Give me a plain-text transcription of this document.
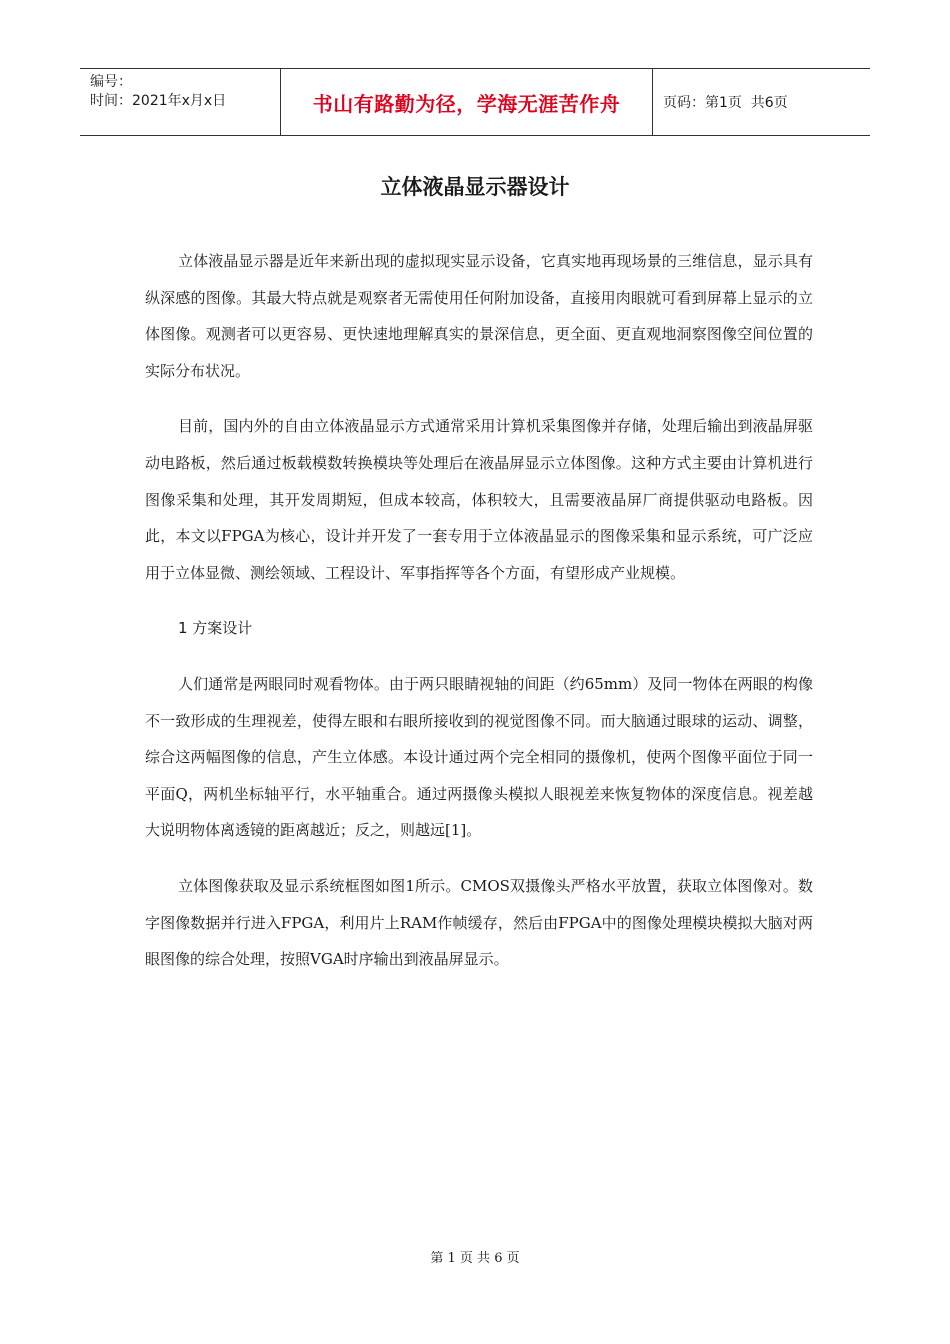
编号：
时间：2021年x月x日	书山有路勤为径，学海无涯苦作舟	页码：第1页  共6页
立体液晶显示器设计

立体液晶显示器是近年来新出现的虚拟现实显示设备，它真实地再现场景的三维信息，显示具有纵深感的图像。其最大特点就是观察者无需使用任何附加设备，直接用肉眼就可看到屏幕上显示的立体图像。观测者可以更容易、更快速地理解真实的景深信息，更全面、更直观地洞察图像空间位置的实际分布状况。

目前，国内外的自由立体液晶显示方式通常采用计算机采集图像并存储，处理后输出到液晶屏驱动电路板，然后通过板载模数转换模块等处理后在液晶屏显示立体图像。这种方式主要由计算机进行图像采集和处理，其开发周期短，但成本较高，体积较大，且需要液晶屏厂商提供驱动电路板。因此，本文以FPGA为核心，设计并开发了一套专用于立体液晶显示的图像采集和显示系统，可广泛应用于立体显微、测绘领域、工程设计、军事指挥等各个方面，有望形成产业规模。

1 方案设计

人们通常是两眼同时观看物体。由于两只眼睛视轴的间距（约65mm）及同一物体在两眼的构像不一致形成的生理视差，使得左眼和右眼所接收到的视觉图像不同。而大脑通过眼球的运动、调整，综合这两幅图像的信息，产生立体感。本设计通过两个完全相同的摄像机，使两个图像平面位于同一平面Q，两机坐标轴平行，水平轴重合。通过两摄像头模拟人眼视差来恢复物体的深度信息。视差越大说明物体离透镜的距离越近；反之，则越远[1]。

立体图像获取及显示系统框图如图1所示。CMOS双摄像头严格水平放置，获取立体图像对。数字图像数据并行进入FPGA，利用片上RAM作帧缓存，然后由FPGA中的图像处理模块模拟大脑对两眼图像的综合处理，按照VGA时序输出到液晶屏显示。

第 1 页 共 6 页
